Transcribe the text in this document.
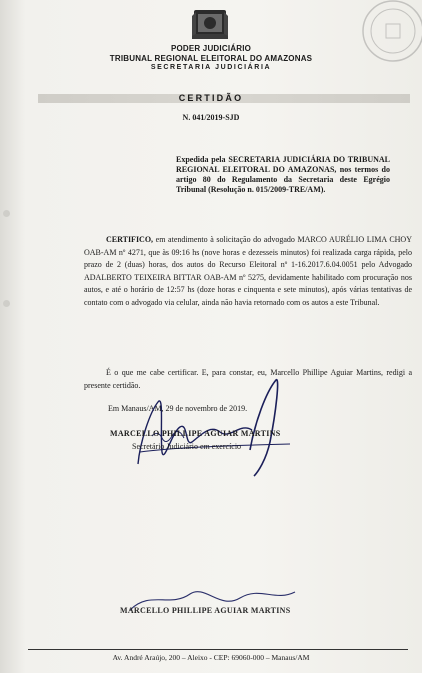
PODER JUDICIÁRIO
TRIBUNAL REGIONAL ELEITORAL DO AMAZONAS
SECRETARIA JUDICIÁRIA
CERTIDÃO
N. 041/2019-SJD
Expedida pela SECRETARIA JUDICIÁRIA DO TRIBUNAL REGIONAL ELEITORAL DO AMAZONAS, nos termos do artigo 80 do Regulamento da Secretaria deste Egrégio Tribunal (Resolução n. 015/2009-TRE/AM).
CERTIFICO, em atendimento à solicitação do advogado MARCO AURÉLIO LIMA CHOY OAB-AM nº 4271, que às 09:16 hs (nove horas e dezesseis minutos) foi realizada carga rápida, pelo prazo de 2 (duas) horas, dos autos do Recurso Eleitoral nº 1-16.2017.6.04.0051 pelo Advogado ADALBERTO TEIXEIRA BITTAR OAB-AM nº 5275, devidamente habilitado com procuração nos autos, e até o horário de 12:57 hs (doze horas e cinquenta e sete minutos), após várias tentativas de contato com o advogado via celular, ainda não havia retornado com os autos a este Tribunal.
É o que me cabe certificar. E, para constar, eu, Marcello Phillipe Aguiar Martins, redigi a presente certidão.
Em Manaus/AM, 29 de novembro de 2019.
MARCELLO PHILLIPE AGUIAR MARTINS
Secretário Judiciário em exercício
MARCELLO PHILLIPE AGUIAR MARTINS
Av. André Araújo, 200 – Aleixo - CEP: 69060-000 – Manaus/AM
